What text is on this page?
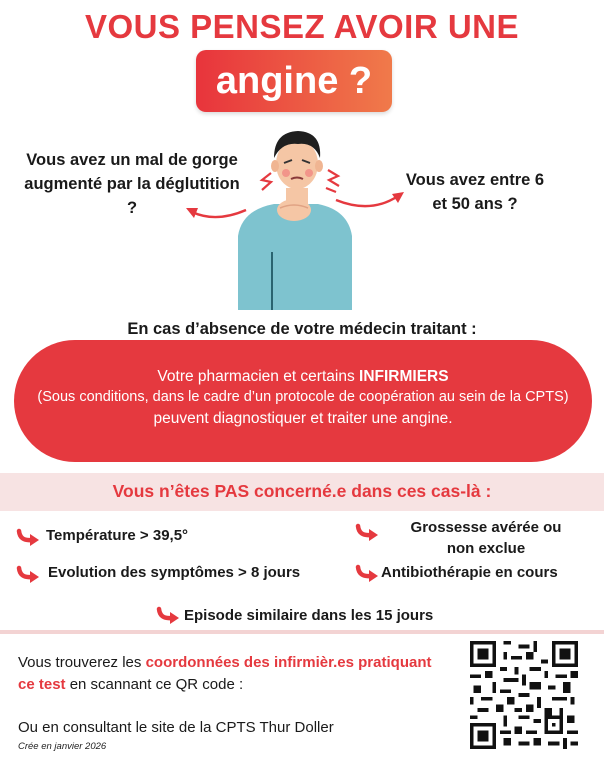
VOUS PENSEZ AVOIR UNE
angine ?
Vous avez un mal de gorge augmenté par la déglutition ?
Vous avez entre 6 et 50 ans ?
En cas d’absence de votre médecin traitant :
Votre pharmacien et certains INFIRMIERS
(Sous conditions, dans le cadre d’un protocole de coopération au sein de la CPTS)
peuvent diagnostiquer et traiter une angine.
Vous n’êtes PAS concerné.e dans ces cas-là :
Température > 39,5°
Evolution des symptômes > 8 jours
Grossesse avérée ou non exclue
Antibiothérapie en cours
Episode similaire dans les 15 jours
Vous trouverez les coordonnées des infirmièr.es pratiquant ce test en scannant ce QR code :
Ou en consultant le site de la CPTS Thur Doller
Crée en janvier 2026
